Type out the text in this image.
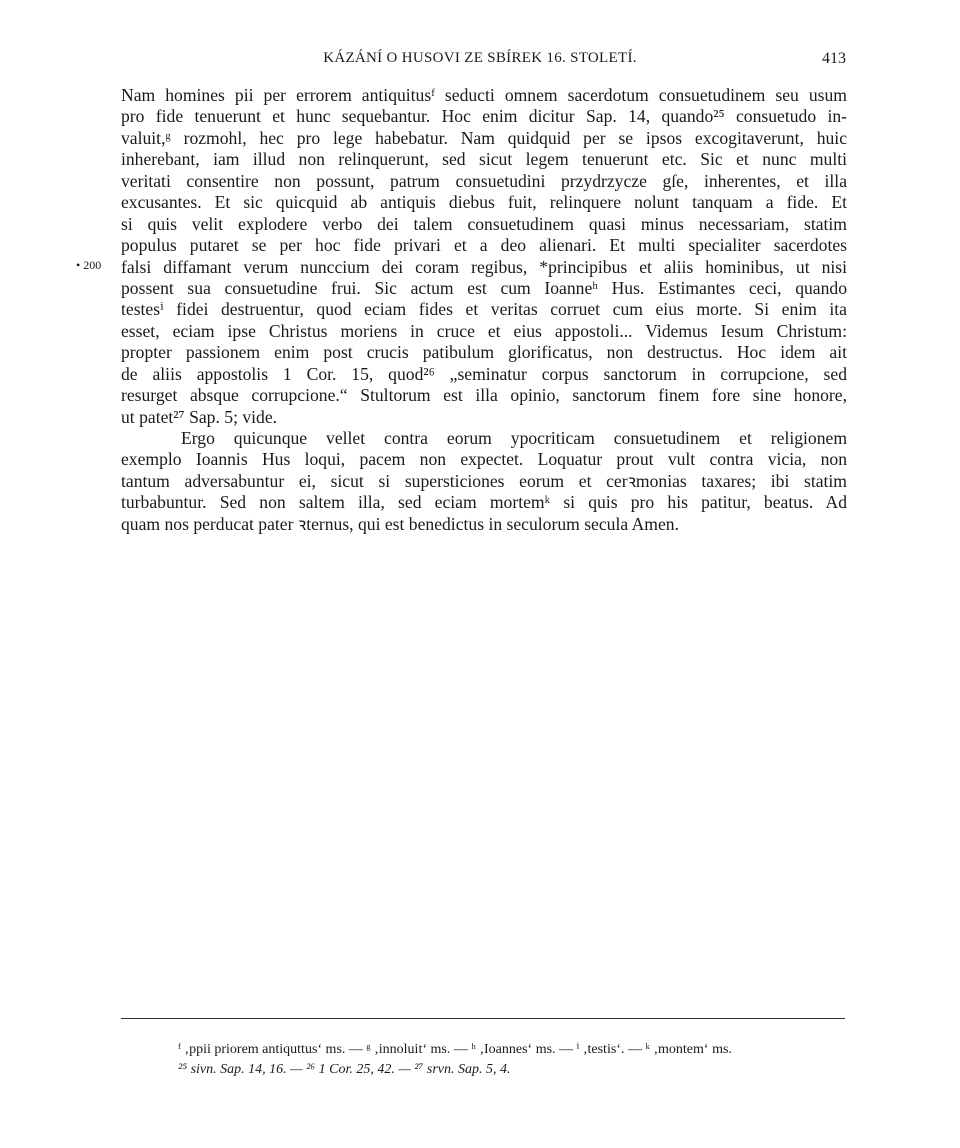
KÁZÁNÍ O HUSOVI ZE SBÍREK 16. STOLETÍ.	413
• 200
Nam homines pii per errorem antiquitusᶠ seducti omnem sacerdotum consuetudinem seu usum
pro fide tenuerunt et hunc sequebantur. Hoc enim dicitur Sap. 14, quando²⁵ consuetudo in-
valuit,ᵍ rozmohl, hec pro lege habebatur. Nam quidquid per se ipsos excogitaverunt, huic
inherebant, iam illud non relinquerunt, sed sicut legem tenuerunt etc. Sic et nunc multi
veritati consentire non possunt, patrum consuetudini przydrzycze gſe, inherentes, et illa
excusantes. Et sic quicquid ab antiquis diebus fuit, relinquere nolunt tanquam a fide. Et
si quis velit explodere verbo dei talem consuetudinem quasi minus necessariam, statim
populus putaret se per hoc fide privari et a deo alienari. Et multi specialiter sacerdotes
falsi diffamant verum nunccium dei coram regibus, *principibus et aliis hominibus, ut nisi
possent sua consuetudine frui. Sic actum est cum Ioanneʰ Hus. Estimantes ceci, quando
testesⁱ fidei destruentur, quod eciam fides et veritas corruet cum eius morte. Si enim ita
esset, eciam ipse Christus moriens in cruce et eius appostoli... Videmus Iesum Christum:
propter passionem enim post crucis patibulum glorificatus, non destructus. Hoc idem ait
de aliis appostolis 1 Cor. 15, quod²⁶ „seminatur corpus sanctorum in corrupcione, sed
resurget absque corrupcione.“ Stultorum est illa opinio, sanctorum finem fore sine honore,
ut patet²⁷ Sap. 5; vide.
Ergo quicunque vellet contra eorum ypocriticam consuetudinem et religionem
exemplo Ioannis Hus loqui, pacem non expectet. Loquatur prout vult contra vicia, non
tantum adversabuntur ei, sicut si supersticiones eorum et cerꝛmonias taxares; ibi statim
turbabuntur. Sed non saltem illa, sed eciam mortemᵏ si quis pro his patitur, beatus. Ad
quam nos perducat pater ꝛternus, qui est benedictus in seculorum secula Amen.
ᶠ ‚ppii priorem antiquttus‘ ms. — ᵍ ‚innoluit‘ ms. — ʰ ‚Ioannes‘ ms. — ⁱ ‚testis‘. — ᵏ ‚montem‘ ms.
²⁵ sivn. Sap. 14, 16. — ²⁶ 1 Cor. 25, 42. — ²⁷ srvn. Sap. 5, 4.
